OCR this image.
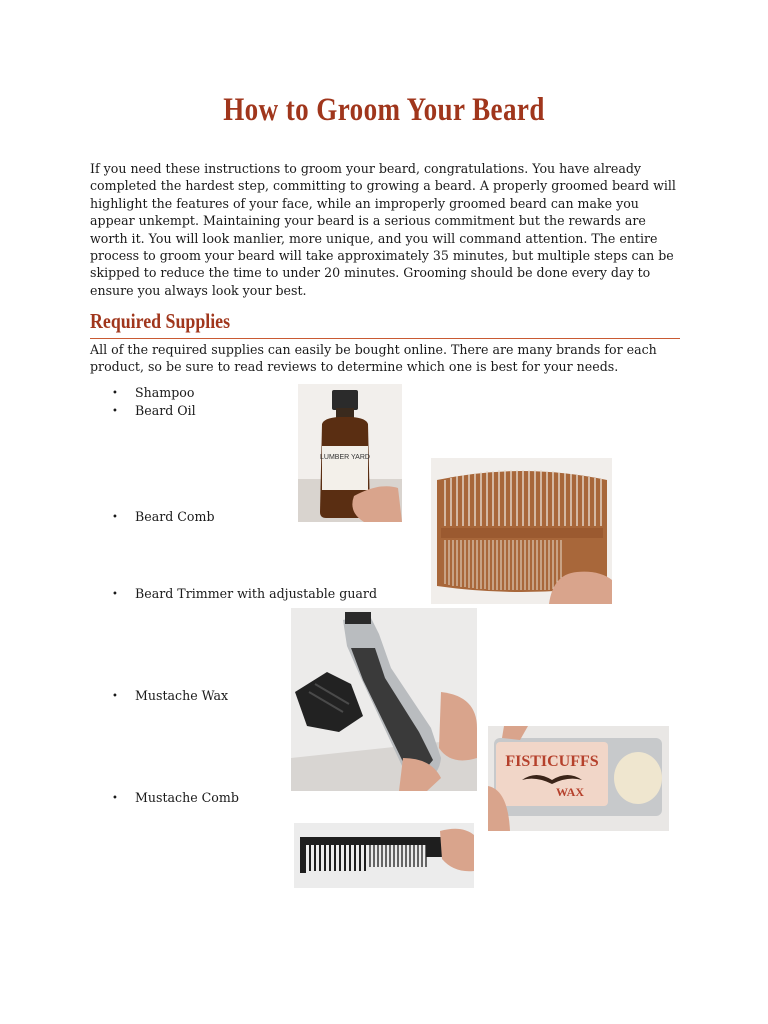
How to Groom Your Beard

If you need these instructions to groom your beard, congratulations. You have already completed the hardest step, committing to growing a beard. A properly groomed beard will highlight the features of your face, while an improperly groomed beard can make you appear unkempt. Maintaining your beard is a serious commitment but the rewards are worth it. You will look manlier, more unique, and you will command attention. The entire process to groom your beard will take approximately 35 minutes, but multiple steps can be skipped to reduce the time to under 20 minutes. Grooming should be done every day to ensure you always look your best.

Required Supplies

All of the required supplies can easily be bought online. There are many brands for each product, so be sure to read reviews to determine which one is best for your needs.

• Shampoo
• Beard Oil
• Beard Comb
• Beard Trimmer with adjustable guard
• Mustache Wax
• Mustache Comb
LUMBER YARD
FISTICUFFS
WAX
